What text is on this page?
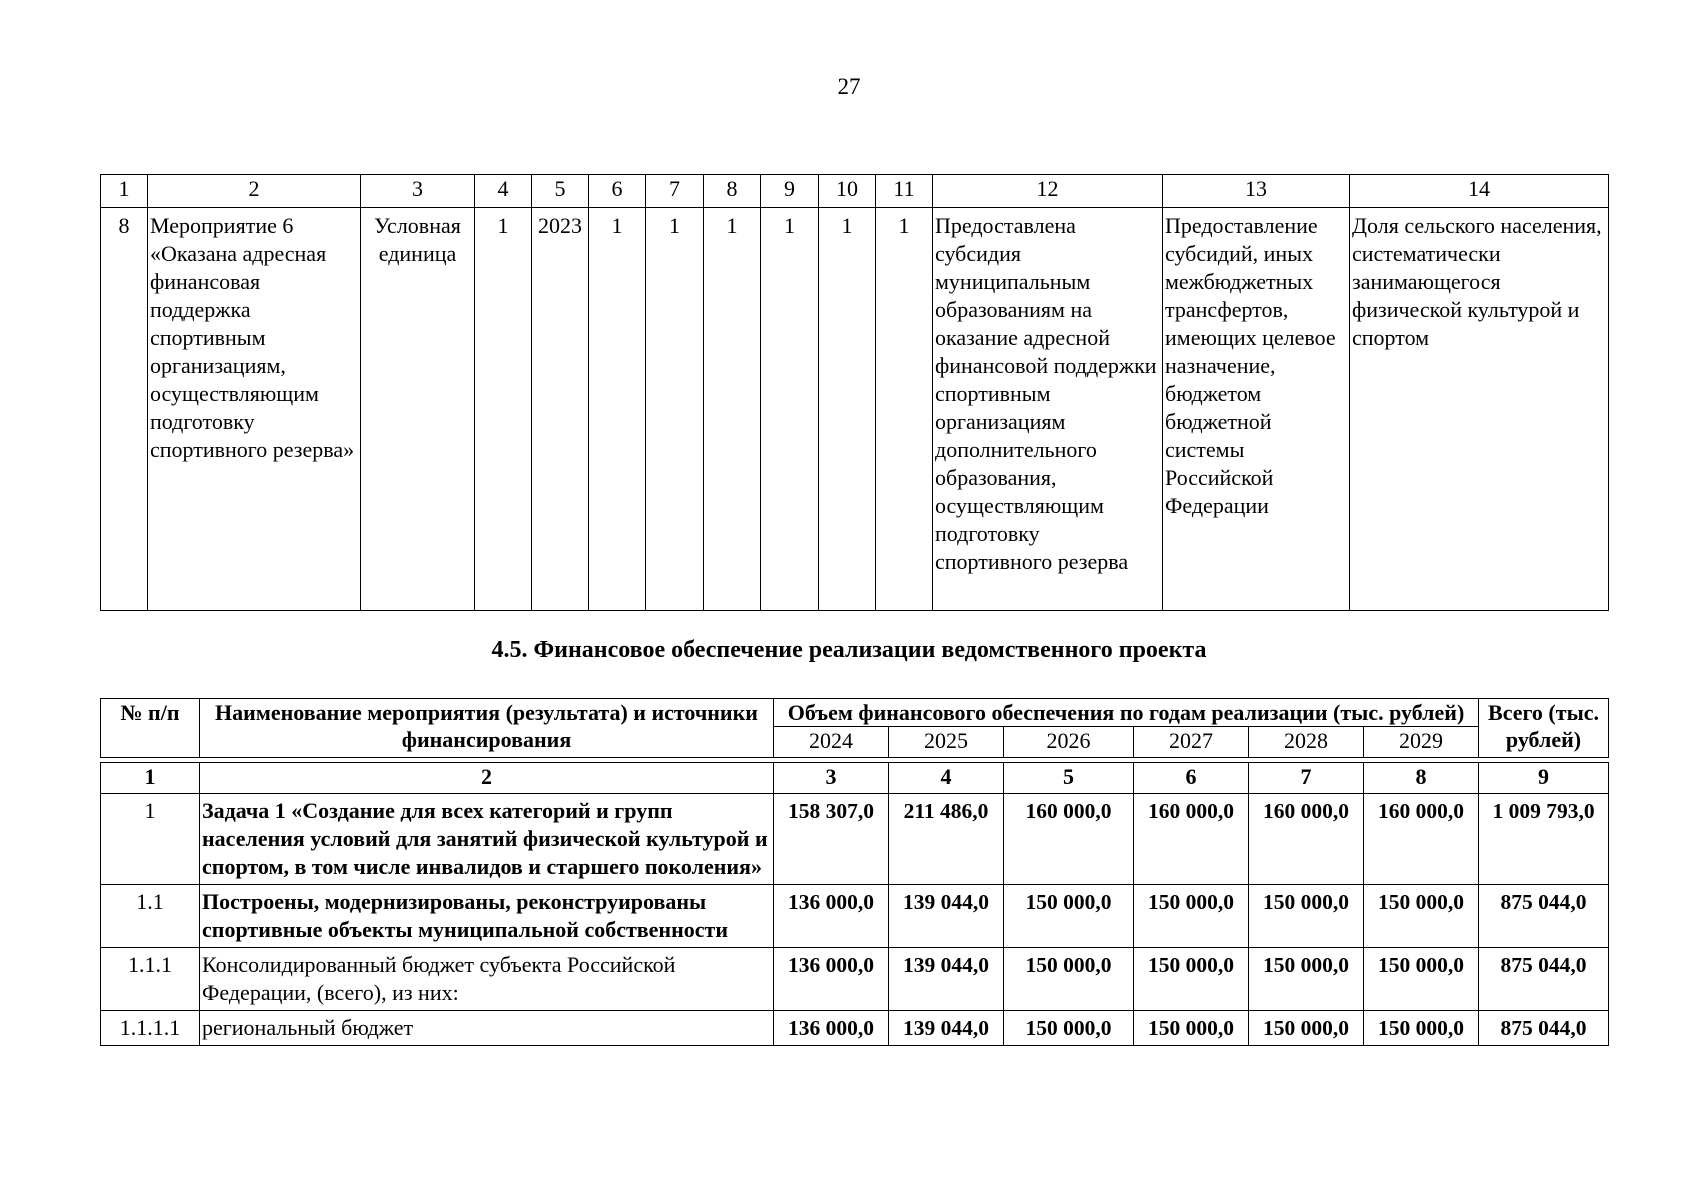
27
1	2	3	4	5	6	7	8	9	10	11	12	13	14
8	Мероприятие 6 «Оказана адресная финансовая поддержка спортивным организациям, осуществляющим подготовку спортивного резерва»	Условная единица	1	2023	1	1	1	1	1	1	Предоставлена субсидия муниципальным образованиям на оказание адресной финансовой поддержки спортивным организациям дополнительного образования, осуществляющим подготовку спортивного резерва	Предоставление субсидий, иных межбюджетных трансфертов, имеющих целевое назначение, бюджетом бюджетной системы Российской Федерации	Доля сельского населения, систематически занимающегося физической культурой и спортом
4.5. Финансовое обеспечение реализации ведомственного проекта
№ п/п	Наименование мероприятия (результата) и источники финансирования	Объем финансового обеспечения по годам реализации (тыс. рублей)						Всего (тыс. рублей)
		2024	2025	2026	2027	2028	2029	

1	2	3	4	5	6	7	8	9
1	Задача 1 «Создание для всех категорий и групп населения условий для занятий физической культурой и спортом, в том числе инвалидов и старшего поколения»	158 307,0	211 486,0	160 000,0	160 000,0	160 000,0	160 000,0	1 009 793,0
1.1	Построены, модернизированы, реконструированы спортивные объекты муниципальной собственности	136 000,0	139 044,0	150 000,0	150 000,0	150 000,0	150 000,0	875 044,0
1.1.1	Консолидированный бюджет субъекта Российской Федерации, (всего), из них:	136 000,0	139 044,0	150 000,0	150 000,0	150 000,0	150 000,0	875 044,0
1.1.1.1	региональный бюджет	136 000,0	139 044,0	150 000,0	150 000,0	150 000,0	150 000,0	875 044,0
